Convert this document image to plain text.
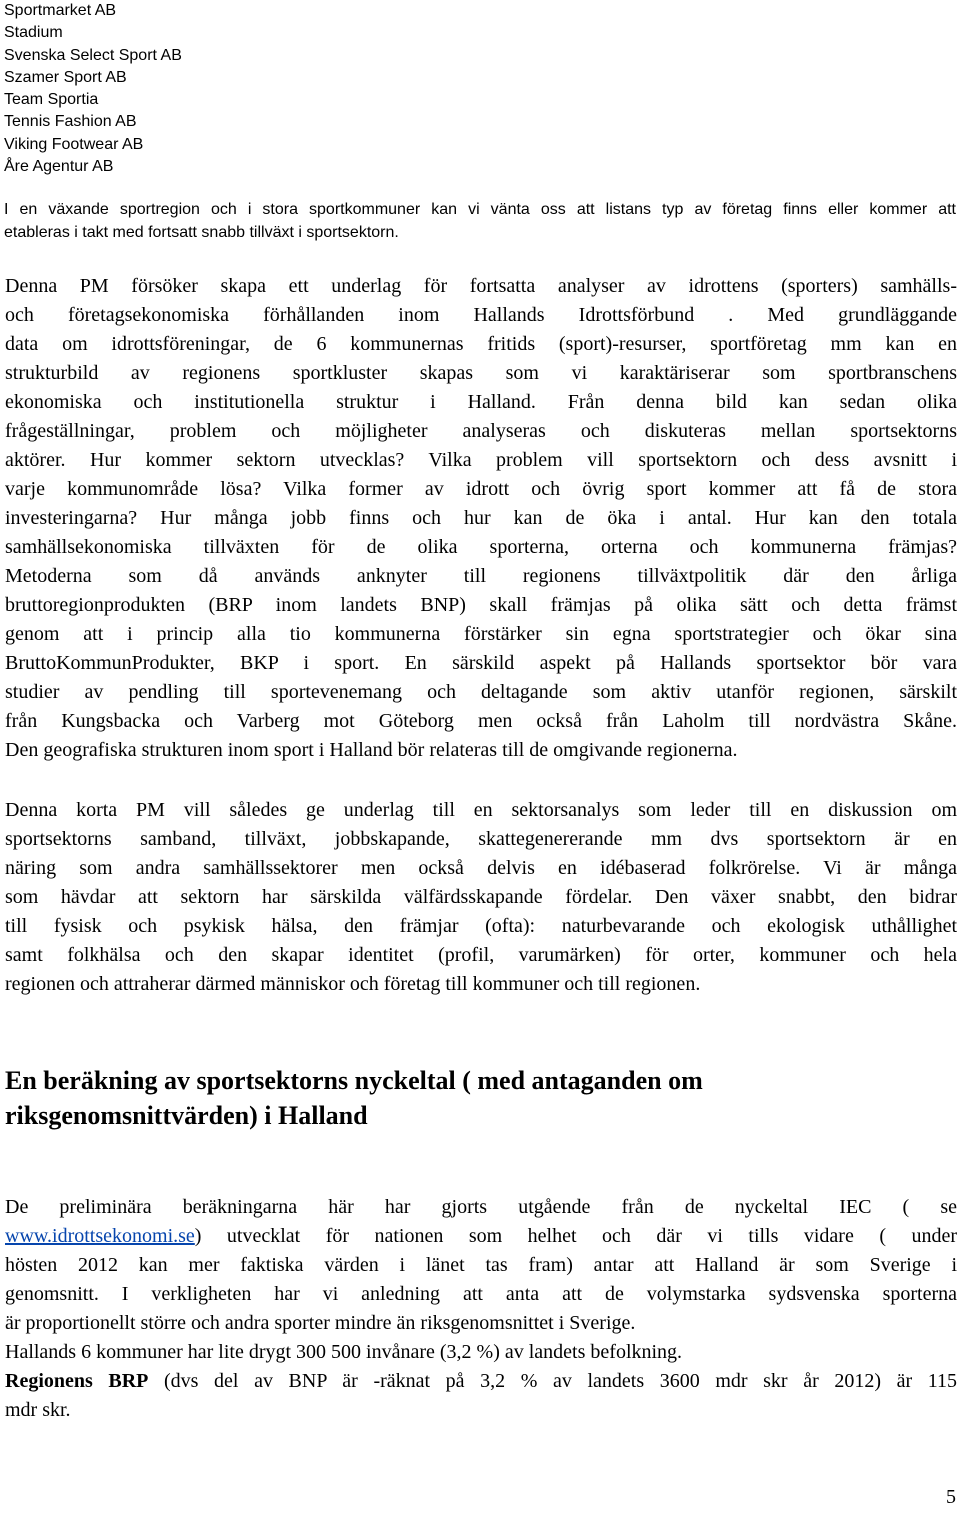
Sportmarket AB
Stadium
Svenska Select Sport AB
Szamer Sport AB
Team Sportia
Tennis Fashion AB
Viking Footwear AB
Åre Agentur AB
I en växande sportregion och i stora sportkommuner kan vi vänta oss att listans typ av företag finns eller kommer att
etableras i takt med fortsatt snabb tillväxt i sportsektorn.
Denna PM försöker skapa ett underlag för fortsatta analyser av idrottens (sporters) samhälls-
och företagsekonomiska förhållanden inom Hallands Idrottsförbund . Med grundläggande
data om idrottsföreningar, de 6 kommunernas fritids (sport)-resurser, sportföretag mm kan en
strukturbild av regionens sportkluster skapas som vi karaktäriserar som sportbranschens
ekonomiska och institutionella struktur i Halland. Från denna bild kan sedan olika
frågeställningar, problem och möjligheter analyseras och diskuteras mellan sportsektorns
aktörer. Hur kommer sektorn utvecklas? Vilka problem vill sportsektorn och dess avsnitt i
varje kommunområde lösa? Vilka former av idrott och övrig sport kommer att få de stora
investeringarna? Hur många jobb finns och hur kan de öka i antal. Hur kan den totala
samhällsekonomiska tillväxten för de olika sporterna, orterna och kommunerna främjas?
Metoderna som då används anknyter till regionens tillväxtpolitik där den årliga
bruttoregionprodukten (BRP inom landets BNP) skall främjas på olika sätt och detta främst
genom att i princip alla tio kommunerna förstärker sin egna sportstrategier och ökar sina
BruttoKommunProdukter, BKP i sport. En särskild aspekt på Hallands sportsektor bör vara
studier av pendling till sportevenemang och deltagande som aktiv utanför regionen, särskilt
från Kungsbacka och Varberg mot Göteborg men också från Laholm till nordvästra Skåne.
Den geografiska strukturen inom sport i Halland bör relateras till de omgivande regionerna.
Denna korta PM vill således ge underlag till en sektorsanalys som leder till en diskussion om
sportsektorns samband, tillväxt, jobbskapande, skattegenererande mm dvs sportsektorn är en
näring som andra samhällssektorer men också delvis en idébaserad folkrörelse. Vi är många
som hävdar att sektorn har särskilda välfärdsskapande fördelar. Den växer snabbt, den bidrar
till fysisk och psykisk hälsa, den främjar (ofta): naturbevarande och ekologisk uthållighet
samt folkhälsa och den skapar identitet (profil, varumärken) för orter, kommuner och hela
regionen och attraherar därmed människor och företag till kommuner och till regionen.
En beräkning av sportsektorns nyckeltal ( med antaganden om
riksgenomsnittvärden) i Halland
De preliminära beräkningarna här har gjorts utgående från de nyckeltal IEC ( se
www.idrottsekonomi.se) utvecklat för nationen som helhet och där vi tills vidare ( under
hösten 2012 kan mer faktiska värden i länet tas fram) antar att Halland är som Sverige i
genomsnitt. I verkligheten har vi anledning att anta att de volymstarka sydsvenska sporterna
är proportionellt större och andra sporter mindre än riksgenomsnittet i Sverige.
Hallands 6 kommuner har lite drygt 300 500 invånare (3,2 %) av landets befolkning.
Regionens BRP (dvs del av BNP är -räknat på 3,2 % av landets 3600 mdr skr år 2012) är 115
mdr skr.
5
